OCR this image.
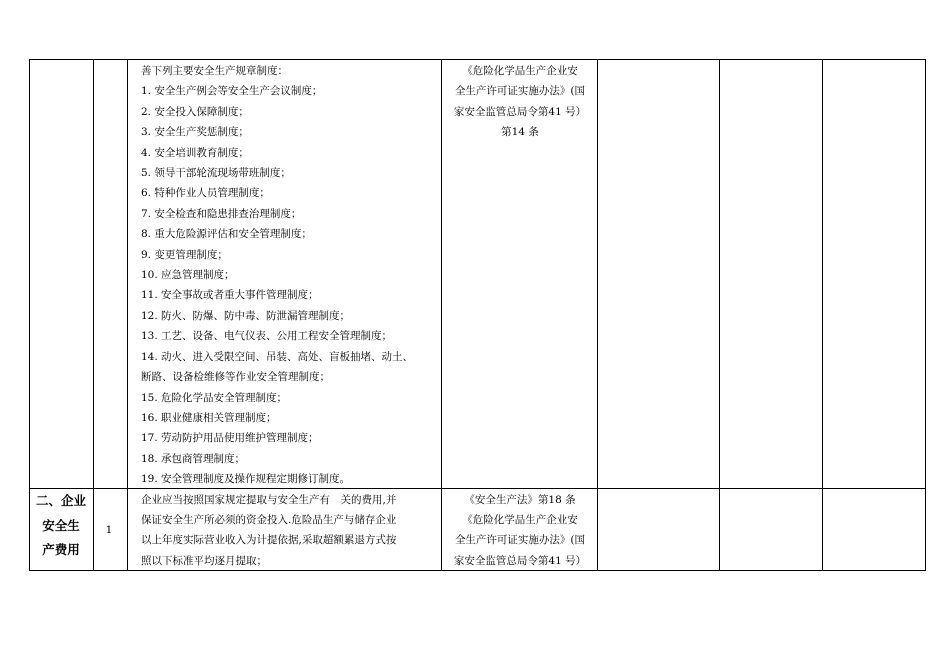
善下列主要安全生产规章制度：
1. 安全生产例会等安全生产会议制度；
2. 安全投入保障制度；
3. 安全生产奖惩制度；
4. 安全培训教育制度；
5. 领导干部轮流现场带班制度；
6. 特种作业人员管理制度；
7. 安全检查和隐患排查治理制度；
8. 重大危险源评估和安全管理制度；
9. 变更管理制度；
10. 应急管理制度；
11. 安全事故或者重大事件管理制度；
12. 防火、防爆、防中毒、防泄漏管理制度；
13. 工艺、设备、电气仪表、公用工程安全管理制度；
14. 动火、进入受限空间、吊装、高处、盲板抽堵、动土、
断路、设备检维修等作业安全管理制度；
15. 危险化学品安全管理制度；
16. 职业健康相关管理制度；
17. 劳动防护用品使用维护管理制度；
18. 承包商管理制度；
19. 安全管理制度及操作规程定期修订制度。
《危险化学品生产企业安
全生产许可证实施办法》(国
家安全监管总局令第41 号）
第14 条
二、企业
安全生
产费用
1
企业应当按照国家规定提取与安全生产有　关的费用,并
保证安全生产所必须的资金投入.危险品生产与储存企业
以上年度实际营业收入为计提依据,采取超额累退方式按
照以下标准平均逐月提取；
《安全生产法》第18 条
《危险化学品生产企业安
全生产许可证实施办法》(国
家安全监管总局令第41 号）
